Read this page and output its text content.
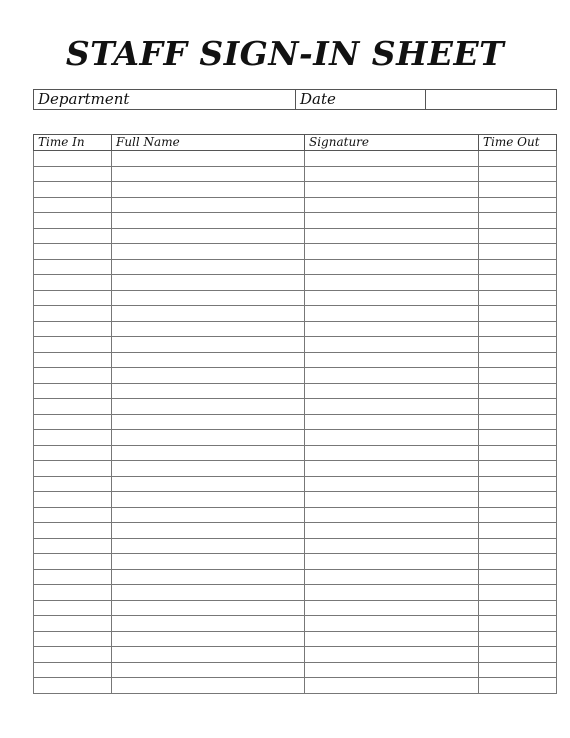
STAFF SIGN-IN SHEET
Department	Date	
Time In	Full Name	Signature	Time Out
